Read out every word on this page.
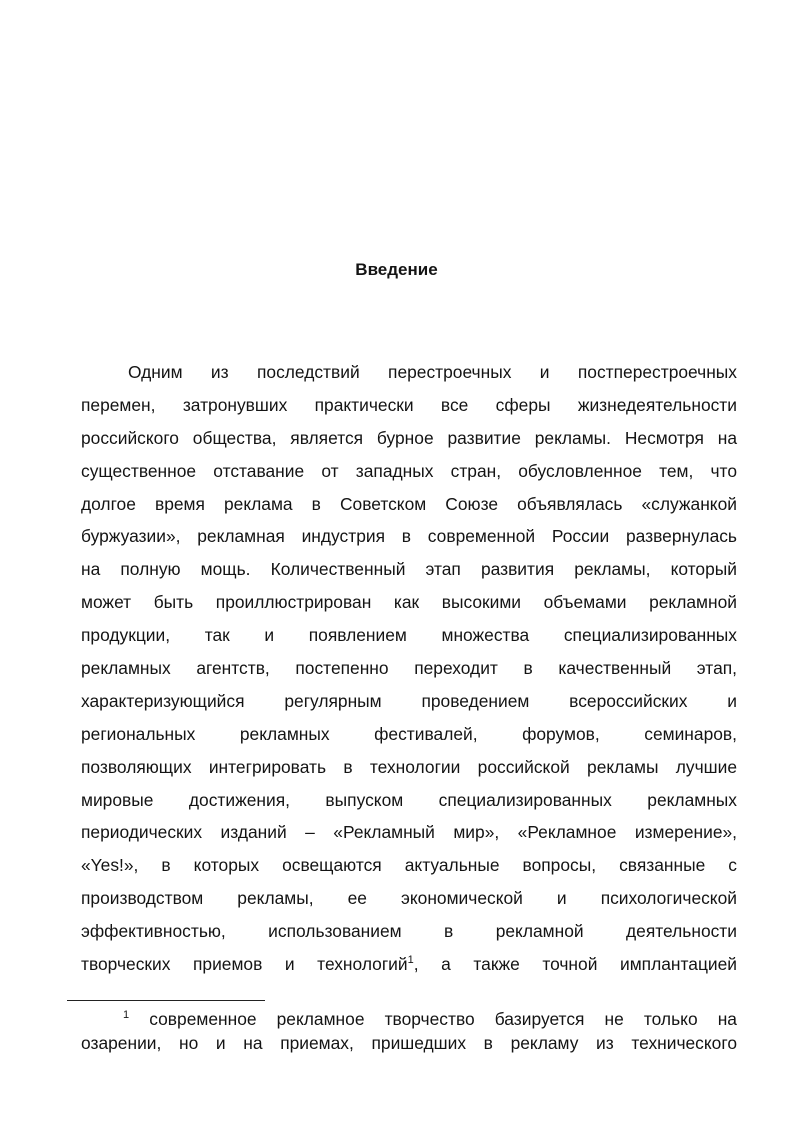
Введение
Одним из последствий перестроечных и постперестроечных
перемен, затронувших практически все сферы жизнедеятельности
российского общества, является бурное развитие рекламы. Несмотря на
существенное отставание от западных стран, обусловленное тем, что
долгое время реклама в Советском Союзе объявлялась «служанкой
буржуазии», рекламная индустрия в современной России развернулась
на полную мощь. Количественный этап развития рекламы, который
может быть проиллюстрирован как высокими объемами рекламной
продукции, так и появлением множества специализированных
рекламных агентств, постепенно переходит в качественный этап,
характеризующийся регулярным проведением всероссийских и
региональных рекламных фестивалей, форумов, семинаров,
позволяющих интегрировать в технологии российской рекламы лучшие
мировые достижения, выпуском специализированных рекламных
периодических изданий – «Рекламный мир», «Рекламное измерение»,
«Yes!», в которых освещаются актуальные вопросы, связанные с
производством рекламы, ее экономической и психологической
эффективностью, использованием в рекламной деятельности
творческих приемов и технологий$^1$, а также точной имплантацией
$^1$ современное рекламное творчество базируется не только на
озарении, но и на приемах, пришедших в рекламу из технического
